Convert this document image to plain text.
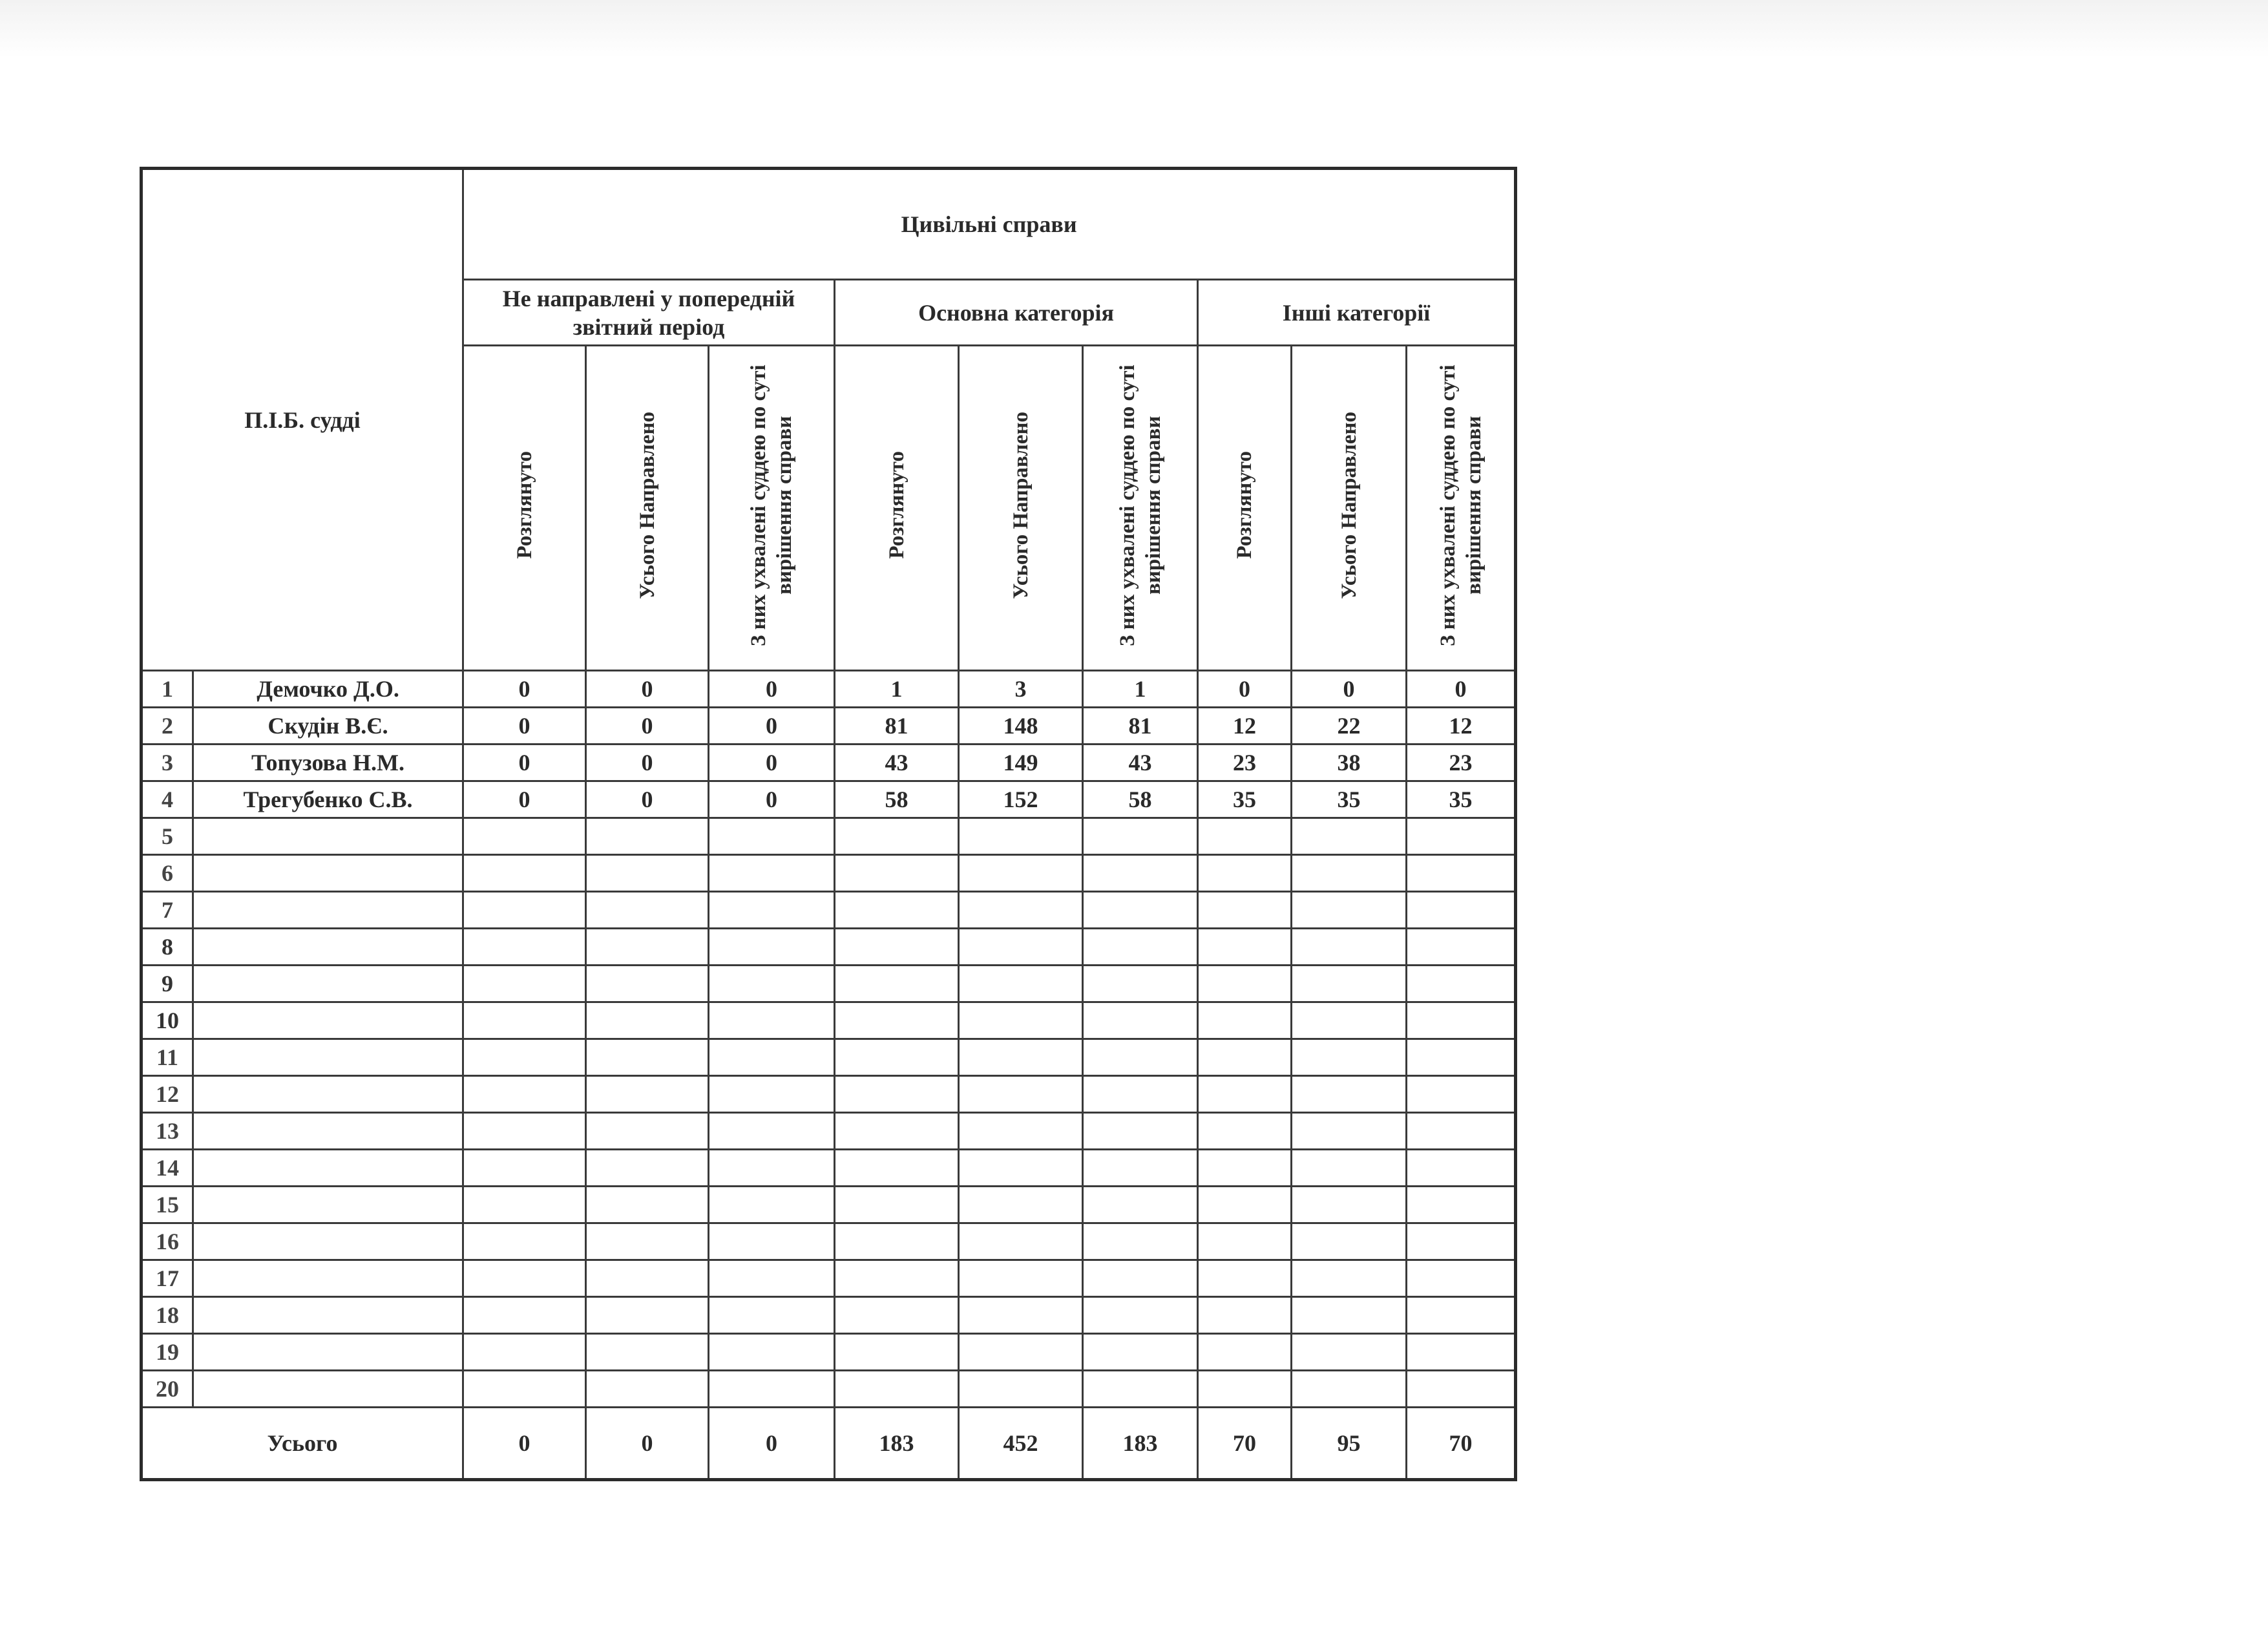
П.І.Б. судді		Цивільні справи								
		Не направлені у попередній звітний період			Основна категорія			Інші категорії		
		Розглянуто	Усього Направлено	З них ухвалені суддею по суті вирішення справи	Розглянуто	Усього Направлено	З них ухвалені суддею по суті вирішення справи	Розглянуто	Усього Направлено	З них ухвалені суддею по суті вирішення справи
1	Демочко Д.О.	0	0	0	1	3	1	0	0	0
2	Скудін В.Є.	0	0	0	81	148	81	12	22	12
3	Топузова Н.М.	0	0	0	43	149	43	23	38	23
4	Трегубенко С.В.	0	0	0	58	152	58	35	35	35
5										
6										
7										
8										
9										
10										
11										
12										
13										
14										
15										
16										
17										
18										
19										
20										
Усього		0	0	0	183	452	183	70	95	70
